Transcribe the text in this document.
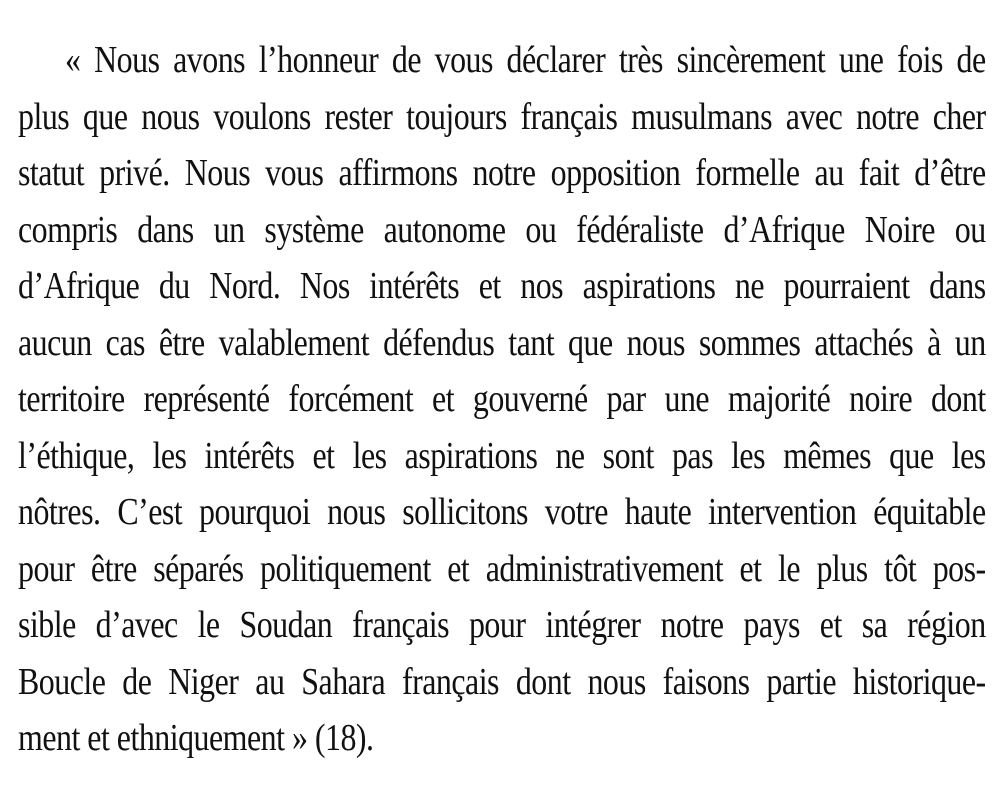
« Nous avons l’honneur de vous déclarer très sincèrement une fois de
plus que nous voulons rester toujours français musulmans avec notre cher
statut privé. Nous vous affirmons notre opposition formelle au fait d’être
compris dans un système autonome ou fédéraliste d’Afrique Noire ou
d’Afrique du Nord. Nos intérêts et nos aspirations ne pourraient dans
aucun cas être valablement défendus tant que nous sommes attachés à un
territoire représenté forcément et gouverné par une majorité noire dont
l’éthique, les intérêts et les aspirations ne sont pas les mêmes que les
nôtres. C’est pourquoi nous sollicitons votre haute intervention équitable
pour être séparés politiquement et administrativement et le plus tôt pos-
sible d’avec le Soudan français pour intégrer notre pays et sa région
Boucle de Niger au Sahara français dont nous faisons partie historique-
ment et ethniquement » (18).
